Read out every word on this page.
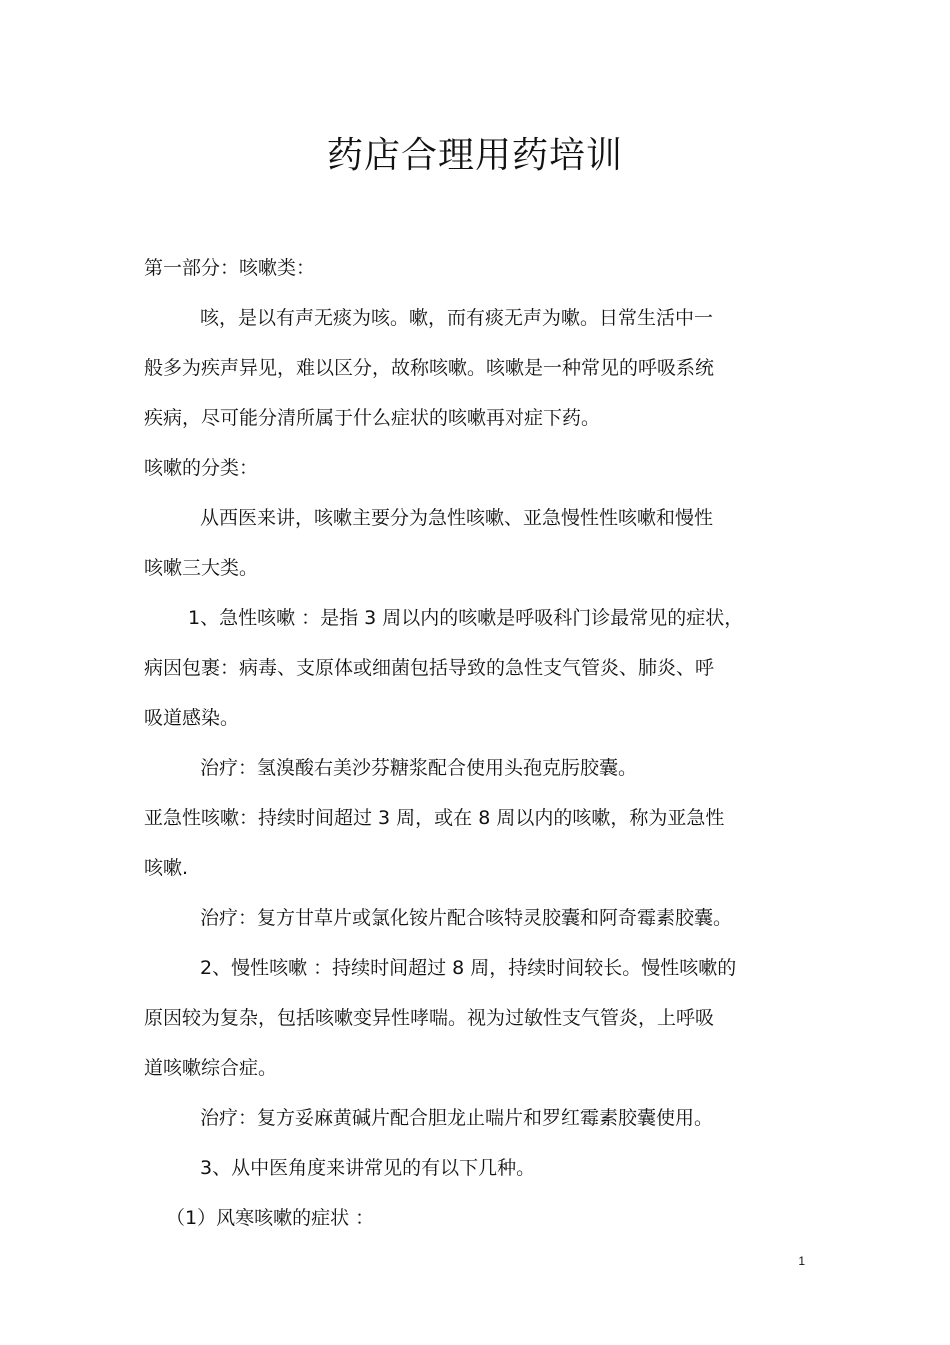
药店合理用药培训

第一部分：咳嗽类：

咳，是以有声无痰为咳。嗽，而有痰无声为嗽。日常生活中一

般多为疾声异见，难以区分，故称咳嗽。咳嗽是一种常见的呼吸系统

疾病，尽可能分清所属于什么症状的咳嗽再对症下药。

咳嗽的分类：

从西医来讲，咳嗽主要分为急性咳嗽、亚急慢性性咳嗽和慢性

咳嗽三大类。

1、急性咳嗽 ：是指 3 周以内的咳嗽是呼吸科门诊最常见的症状，

病因包裹：病毒、支原体或细菌包括导致的急性支气管炎、肺炎、呼

吸道感染。

治疗：氢溴酸右美沙芬糖浆配合使用头孢克肟胶囊。

亚急性咳嗽：持续时间超过 3 周，或在 8 周以内的咳嗽，称为亚急性

咳嗽.

治疗：复方甘草片或氯化铵片配合咳特灵胶囊和阿奇霉素胶囊。

2、慢性咳嗽 ：持续时间超过 8 周，持续时间较长。慢性咳嗽的

原因较为复杂，包括咳嗽变异性哮喘。视为过敏性支气管炎，上呼吸

道咳嗽综合症。

治疗：复方妥麻黄碱片配合胆龙止喘片和罗红霉素胶囊使用。

3、从中医角度来讲常见的有以下几种。

（1）风寒咳嗽的症状 ：

1
